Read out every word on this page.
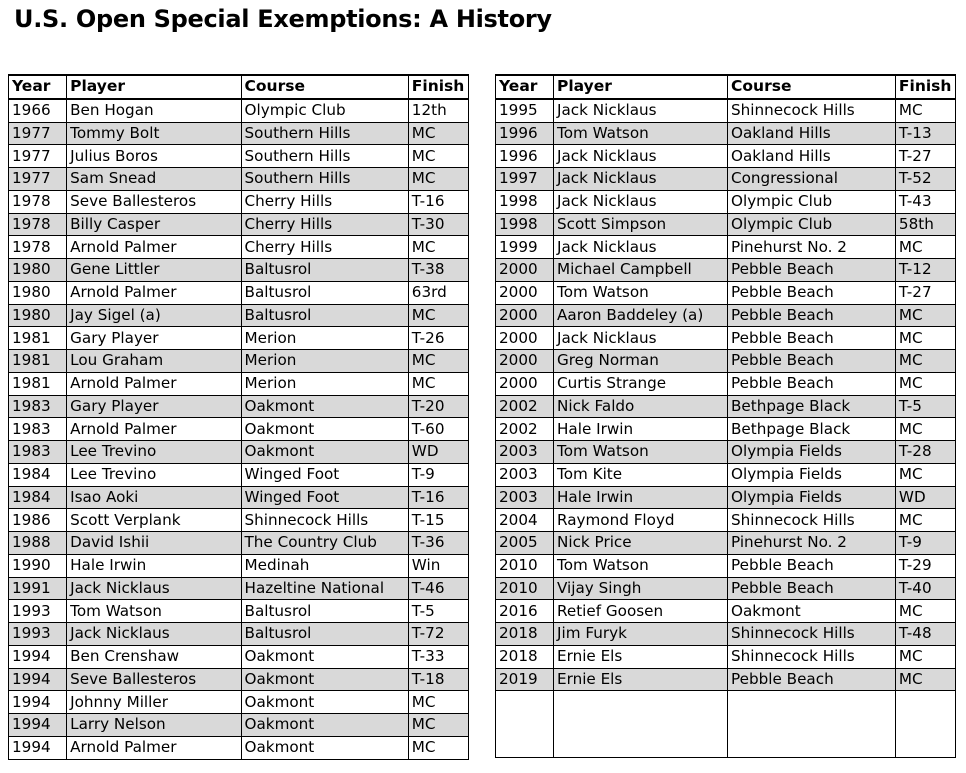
U.S. Open Special Exemptions: A History
Year	Player	Course	Finish
1966	Ben Hogan	Olympic Club	12th
1977	Tommy Bolt	Southern Hills	MC
1977	Julius Boros	Southern Hills	MC
1977	Sam Snead	Southern Hills	MC
1978	Seve Ballesteros	Cherry Hills	T-16
1978	Billy Casper	Cherry Hills	T-30
1978	Arnold Palmer	Cherry Hills	MC
1980	Gene Littler	Baltusrol	T-38
1980	Arnold Palmer	Baltusrol	63rd
1980	Jay Sigel (a)	Baltusrol	MC
1981	Gary Player	Merion	T-26
1981	Lou Graham	Merion	MC
1981	Arnold Palmer	Merion	MC
1983	Gary Player	Oakmont	T-20
1983	Arnold Palmer	Oakmont	T-60
1983	Lee Trevino	Oakmont	WD
1984	Lee Trevino	Winged Foot	T-9
1984	Isao Aoki	Winged Foot	T-16
1986	Scott Verplank	Shinnecock Hills	T-15
1988	David Ishii	The Country Club	T-36
1990	Hale Irwin	Medinah	Win
1991	Jack Nicklaus	Hazeltine National	T-46
1993	Tom Watson	Baltusrol	T-5
1993	Jack Nicklaus	Baltusrol	T-72
1994	Ben Crenshaw	Oakmont	T-33
1994	Seve Ballesteros	Oakmont	T-18
1994	Johnny Miller	Oakmont	MC
1994	Larry Nelson	Oakmont	MC
1994	Arnold Palmer	Oakmont	MC
Year	Player	Course	Finish
1995	Jack Nicklaus	Shinnecock Hills	MC
1996	Tom Watson	Oakland Hills	T-13
1996	Jack Nicklaus	Oakland Hills	T-27
1997	Jack Nicklaus	Congressional	T-52
1998	Jack Nicklaus	Olympic Club	T-43
1998	Scott Simpson	Olympic Club	58th
1999	Jack Nicklaus	Pinehurst No. 2	MC
2000	Michael Campbell	Pebble Beach	T-12
2000	Tom Watson	Pebble Beach	T-27
2000	Aaron Baddeley (a)	Pebble Beach	MC
2000	Jack Nicklaus	Pebble Beach	MC
2000	Greg Norman	Pebble Beach	MC
2000	Curtis Strange	Pebble Beach	MC
2002	Nick Faldo	Bethpage Black	T-5
2002	Hale Irwin	Bethpage Black	MC
2003	Tom Watson	Olympia Fields	T-28
2003	Tom Kite	Olympia Fields	MC
2003	Hale Irwin	Olympia Fields	WD
2004	Raymond Floyd	Shinnecock Hills	MC
2005	Nick Price	Pinehurst No. 2	T-9
2010	Tom Watson	Pebble Beach	T-29
2010	Vijay Singh	Pebble Beach	T-40
2016	Retief Goosen	Oakmont	MC
2018	Jim Furyk	Shinnecock Hills	T-48
2018	Ernie Els	Shinnecock Hills	MC
2019	Ernie Els	Pebble Beach	MC
